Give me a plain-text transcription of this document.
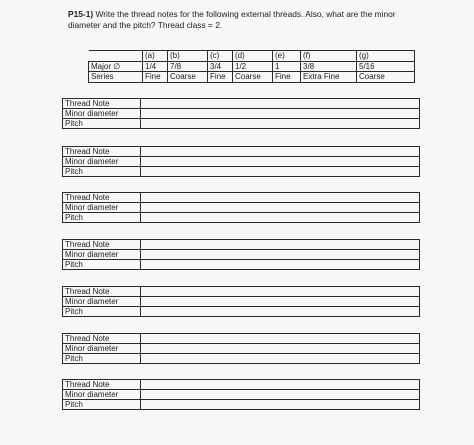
P15-1) Write the thread notes for the following external threads. Also, what are the minor
diameter and the pitch? Thread class = 2.
	(a)	(b)	(c)	(d)	(e)	(f)	(g)
Major ∅	1/4	7/8	3/4	1/2	1	3/8	5/16
Series	Fine	Coarse	Fine	Coarse	Fine	Extra Fine	Coarse
Thread Note	
Minor diameter	
Pitch	
Thread Note	
Minor diameter	
Pitch	
Thread Note	
Minor diameter	
Pitch	
Thread Note	
Minor diameter	
Pitch	
Thread Note	
Minor diameter	
Pitch	
Thread Note	
Minor diameter	
Pitch	
Thread Note	
Minor diameter	
Pitch	
